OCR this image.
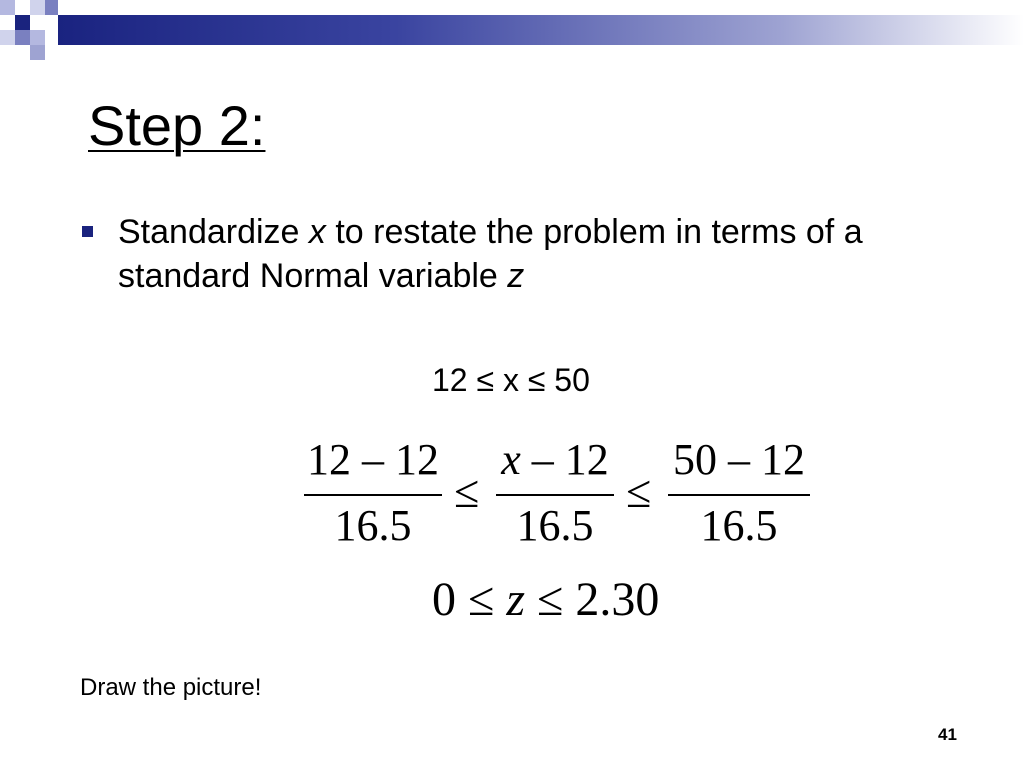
Step 2:

Standardize x to restate the problem in terms of a standard Normal variable z

12 ≤ x ≤ 50
12 – 12
16.5
≤
x – 12
16.5
≤
50 – 12
16.5
0 ≤ z ≤ 2.30
Draw the picture!
41
